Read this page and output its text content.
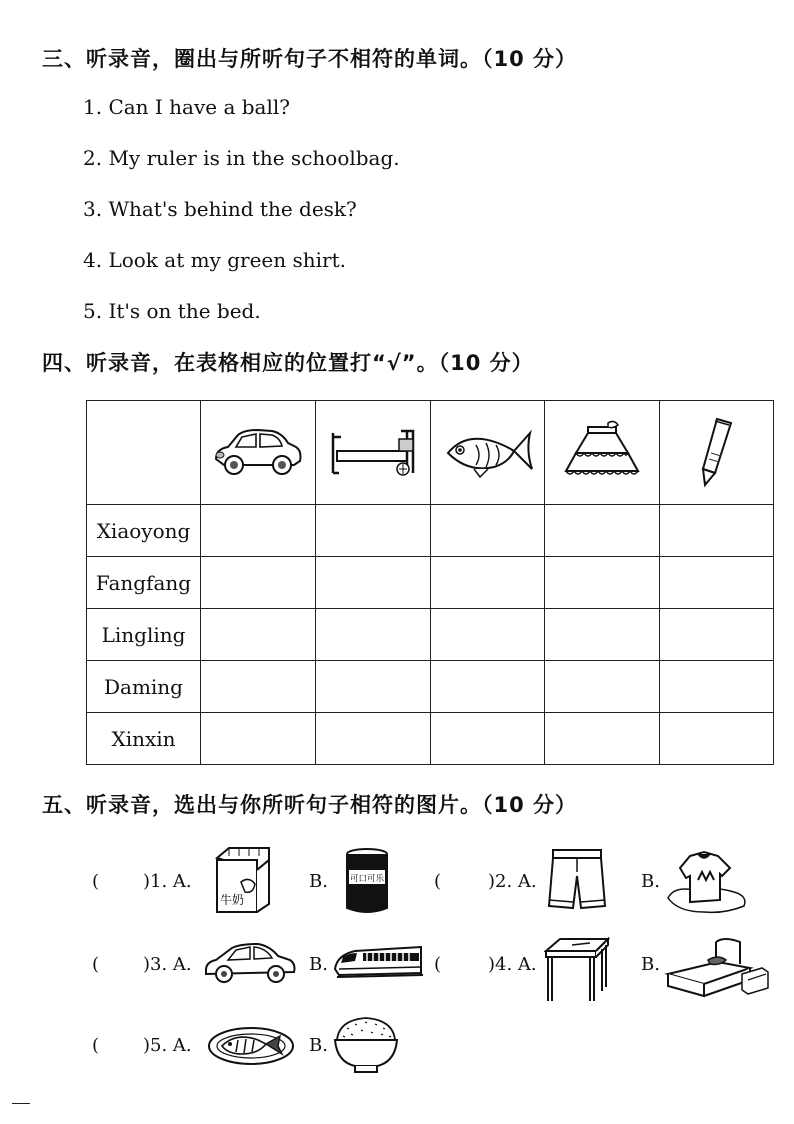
三、听录音，圈出与所听句子不相符的单词。（10 分）
1. Can I have a ball?
2. My ruler is in the schoolbag.
3. What's behind the desk?
4. Look at my green shirt.
5. It's on the bed.
四、听录音，在表格相应的位置打“√”。（10 分）

Xiaoyong					
Fangfang					
Lingling					
Daming					
Xinxin					
五、听录音，选出与你所听句子相符的图片。（10 分）
( )1. A.
牛奶
B.	可口可乐	(	)2. A.	B.
( )3. A.	B.	(	)4. A.	B.
( )5. A.	B.
